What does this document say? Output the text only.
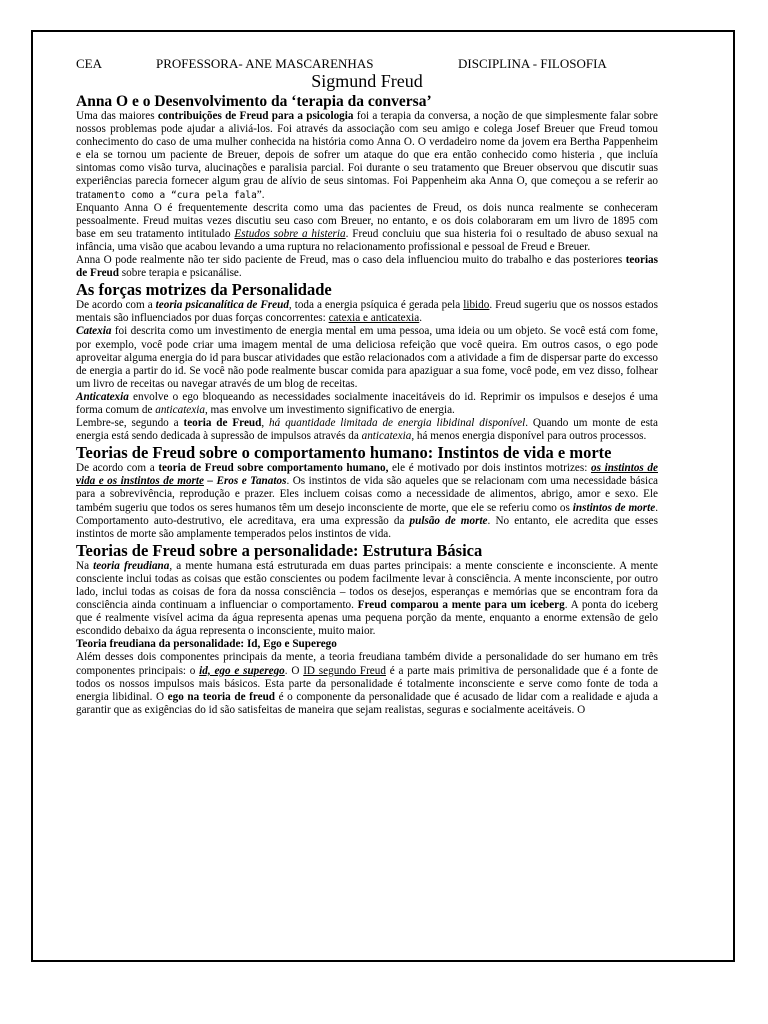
CEA	PROFESSORA- ANE MASCARENHAS	DISCIPLINA - FILOSOFIA
Sigmund Freud
Anna O e o Desenvolvimento da ‘terapia da conversa’

Uma das maiores contribuições de Freud para a psicologia foi a terapia da conversa, a noção de que simplesmente falar sobre nossos problemas pode ajudar a aliviá-los. Foi através da associação com seu amigo e colega Josef Breuer que Freud tomou conhecimento do caso de uma mulher conhecida na história como Anna O. O verdadeiro nome da jovem era Bertha Pappenheim e ela se tornou um paciente de Breuer, depois de sofrer um ataque do que era então conhecido como histeria , que incluía sintomas como visão turva, alucinações e paralisia parcial. Foi durante o seu tratamento que Breuer observou que discutir suas experiências parecia fornecer algum grau de alívio de seus sintomas. Foi Pappenheim aka Anna O, que começou a se referir ao tratamento como a “cura pela fala”.

Enquanto Anna O é frequentemente descrita como uma das pacientes de Freud, os dois nunca realmente se conheceram pessoalmente. Freud muitas vezes discutiu seu caso com Breuer, no entanto, e os dois colaboraram em um livro de 1895 com base em seu tratamento intitulado Estudos sobre a histeria. Freud concluiu que sua histeria foi o resultado de abuso sexual na infância, uma visão que acabou levando a uma ruptura no relacionamento profissional e pessoal de Freud e Breuer.

Anna O pode realmente não ter sido paciente de Freud, mas o caso dela influenciou muito do trabalho e das posteriores teorias de Freud sobre terapia e psicanálise.

As forças motrizes da Personalidade

De acordo com a teoria psicanalítica de Freud, toda a energia psíquica é gerada pela libido. Freud sugeriu que os nossos estados mentais são influenciados por duas forças concorrentes: catexia e anticatexia.

Catexia foi descrita como um investimento de energia mental em uma pessoa, uma ideia ou um objeto. Se você está com fome, por exemplo, você pode criar uma imagem mental de uma deliciosa refeição que você queira. Em outros casos, o ego pode aproveitar alguma energia do id para buscar atividades que estão relacionados com a atividade a fim de dispersar parte do excesso de energia a partir do id. Se você não pode realmente buscar comida para apaziguar a sua fome, você pode, em vez disso, folhear um livro de receitas ou navegar através de um blog de receitas.

Anticatexia envolve o ego bloqueando as necessidades socialmente inaceitáveis do id. Reprimir os impulsos e desejos é uma forma comum de anticatexia, mas envolve um investimento significativo de energia.

Lembre-se, segundo a teoria de Freud, há quantidade limitada de energia libidinal disponível. Quando um monte de esta energia está sendo dedicada à supressão de impulsos através da anticatexia, há menos energia disponível para outros processos.

Teorias de Freud sobre o comportamento humano: Instintos de vida e morte

De acordo com a teoria de Freud sobre comportamento humano, ele é motivado por dois instintos motrizes: os instintos de vida e os instintos de morte – Eros e Tanatos. Os instintos de vida são aqueles que se relacionam com uma necessidade básica para a sobrevivência, reprodução e prazer. Eles incluem coisas como a necessidade de alimentos, abrigo, amor e sexo. Ele também sugeriu que todos os seres humanos têm um desejo inconsciente de morte, que ele se referiu como os instintos de morte. Comportamento auto-destrutivo, ele acreditava, era uma expressão da pulsão de morte. No entanto, ele acredita que esses instintos de morte são amplamente temperados pelos instintos de vida.

Teorias de Freud sobre a personalidade: Estrutura Básica

Na teoria freudiana, a mente humana está estruturada em duas partes principais: a mente consciente e inconsciente. A mente consciente inclui todas as coisas que estão conscientes ou podem facilmente levar à consciência. A mente inconsciente, por outro lado, inclui todas as coisas de fora da nossa consciência – todos os desejos, esperanças e memórias que se encontram fora da consciência ainda continuam a influenciar o comportamento. Freud comparou a mente para um iceberg. A ponta do iceberg que é realmente visível acima da água representa apenas uma pequena porção da mente, enquanto a enorme extensão de gelo escondido debaixo da água representa o inconsciente, muito maior.

Teoria freudiana da personalidade: Id, Ego e Superego

Além desses dois componentes principais da mente, a teoria freudiana também divide a personalidade do ser humano em três componentes principais: o id, ego e superego. O ID segundo Freud é a parte mais primitiva de personalidade que é a fonte de todos os nossos impulsos mais básicos. Esta parte da personalidade é totalmente inconsciente e serve como fonte de toda a energia libidinal. O ego na teoria de freud é o componente da personalidade que é acusado de lidar com a realidade e ajuda a garantir que as exigências do id são satisfeitas de maneira que sejam realistas, seguras e socialmente aceitáveis. O
